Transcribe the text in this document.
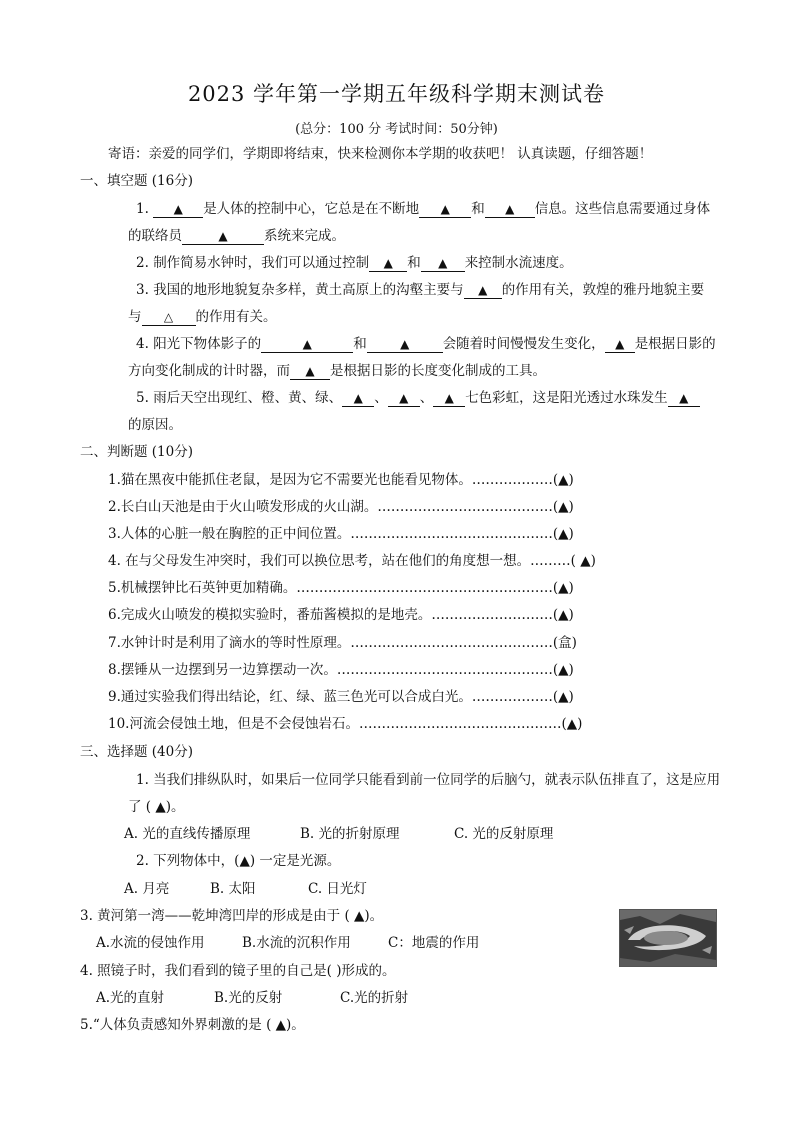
2023 学年第一学期五年级科学期末测试卷
(总分：100 分 考试时间：50分钟)
寄语：亲爱的同学们，学期即将结束，快来检测你本学期的收获吧！ 认真读题，仔细答题！
一、填空题 (16分)
1. ▲ 是人体的控制中心，它总是在不断地 ▲ 和 ▲ 信息。这些信息需要通过身体
的联络员	▲	系统来完成。
2. 制作简易水钟时，我们可以通过控制 ▲ 和 ▲ 来控制水流速度。
3. 我国的地形地貌复杂多样，黄土高原上的沟壑主要与 ▲ 的作用有关，敦煌的雅丹地貌主要
与 △ 的作用有关。
4. 阳光下物体影子的	▲	和	▲ 会随着时间慢慢发生变化， ▲ 是根据日影的
方向变化制成的计时器，而 ▲ 是根据日影的长度变化制成的工具。
5. 雨后天空出现红、橙、黄、绿、 ▲ 、 ▲ 、 ▲ 七色彩虹，这是阳光透过水珠发生 ▲
的原因。
二、判断题 (10分)
1.猫在黑夜中能抓住老鼠，是因为它不需要光也能看见物体。………………(▲)
2.长白山天池是由于火山喷发形成的火山湖。…………………………………(▲)
3.人体的心脏一般在胸腔的正中间位置。………………………………………(▲)
4. 在与父母发生冲突时，我们可以换位思考，站在他们的角度想一想。………( ▲)
5.机械摆钟比石英钟更加精确。…………………………………………………(▲)
6.完成火山喷发的模拟实验时，番茄酱模拟的是地壳。………………………(▲)
7.水钟计时是利用了滴水的等时性原理。………………………………………(盒)
8.摆锤从一边摆到另一边算摆动一次。…………………………………………(▲)
9.通过实验我们得出结论，红、绿、蓝三色光可以合成白光。………………(▲)
10.河流会侵蚀土地，但是不会侵蚀岩石。………………………………………(▲)
三、选择题 (40分)
1. 当我们排纵队时，如果后一位同学只能看到前一位同学的后脑勺，就表示队伍排直了，这是应用
了 ( ▲)。
A. 光的直线传播原理	B. 光的折射原理	C. 光的反射原理
2. 下列物体中，(▲) 一定是光源。
A. 月亮	B. 太阳	C. 日光灯
3. 黄河第一湾——乾坤湾凹岸的形成是由于 ( ▲)。
A.水流的侵蚀作用	B.水流的沉积作用	C：地震的作用
4. 照镜子时，我们看到的镜子里的自己是( )形成的。
A.光的直射	B.光的反射	C.光的折射
5.“人体负责感知外界刺激的是 ( ▲)。
